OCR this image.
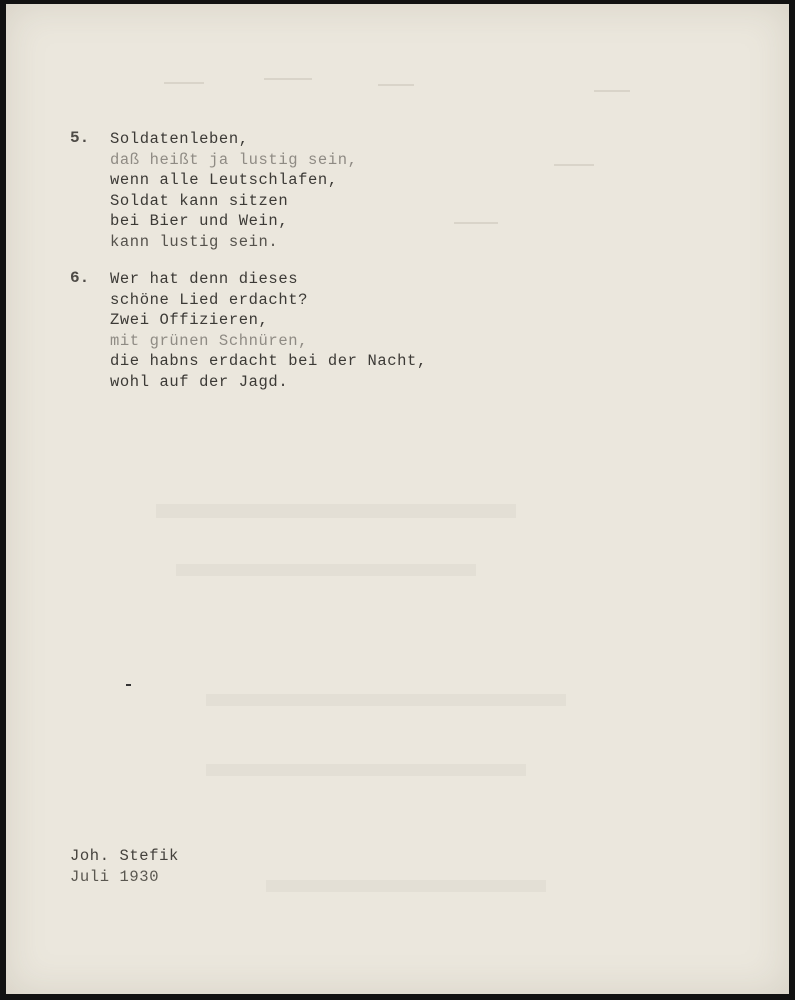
5.	Soldatenleben,
daß heißt ja lustig sein,
wenn alle Leutschlafen,
Soldat kann sitzen
bei Bier und Wein,
kann lustig sein.
6.	Wer hat denn dieses
schöne Lied erdacht?
Zwei Offizieren,
mit grünen Schnüren,
die habns erdacht bei der Nacht,
wohl auf der Jagd.
Joh. Stefik
Juli 1930
